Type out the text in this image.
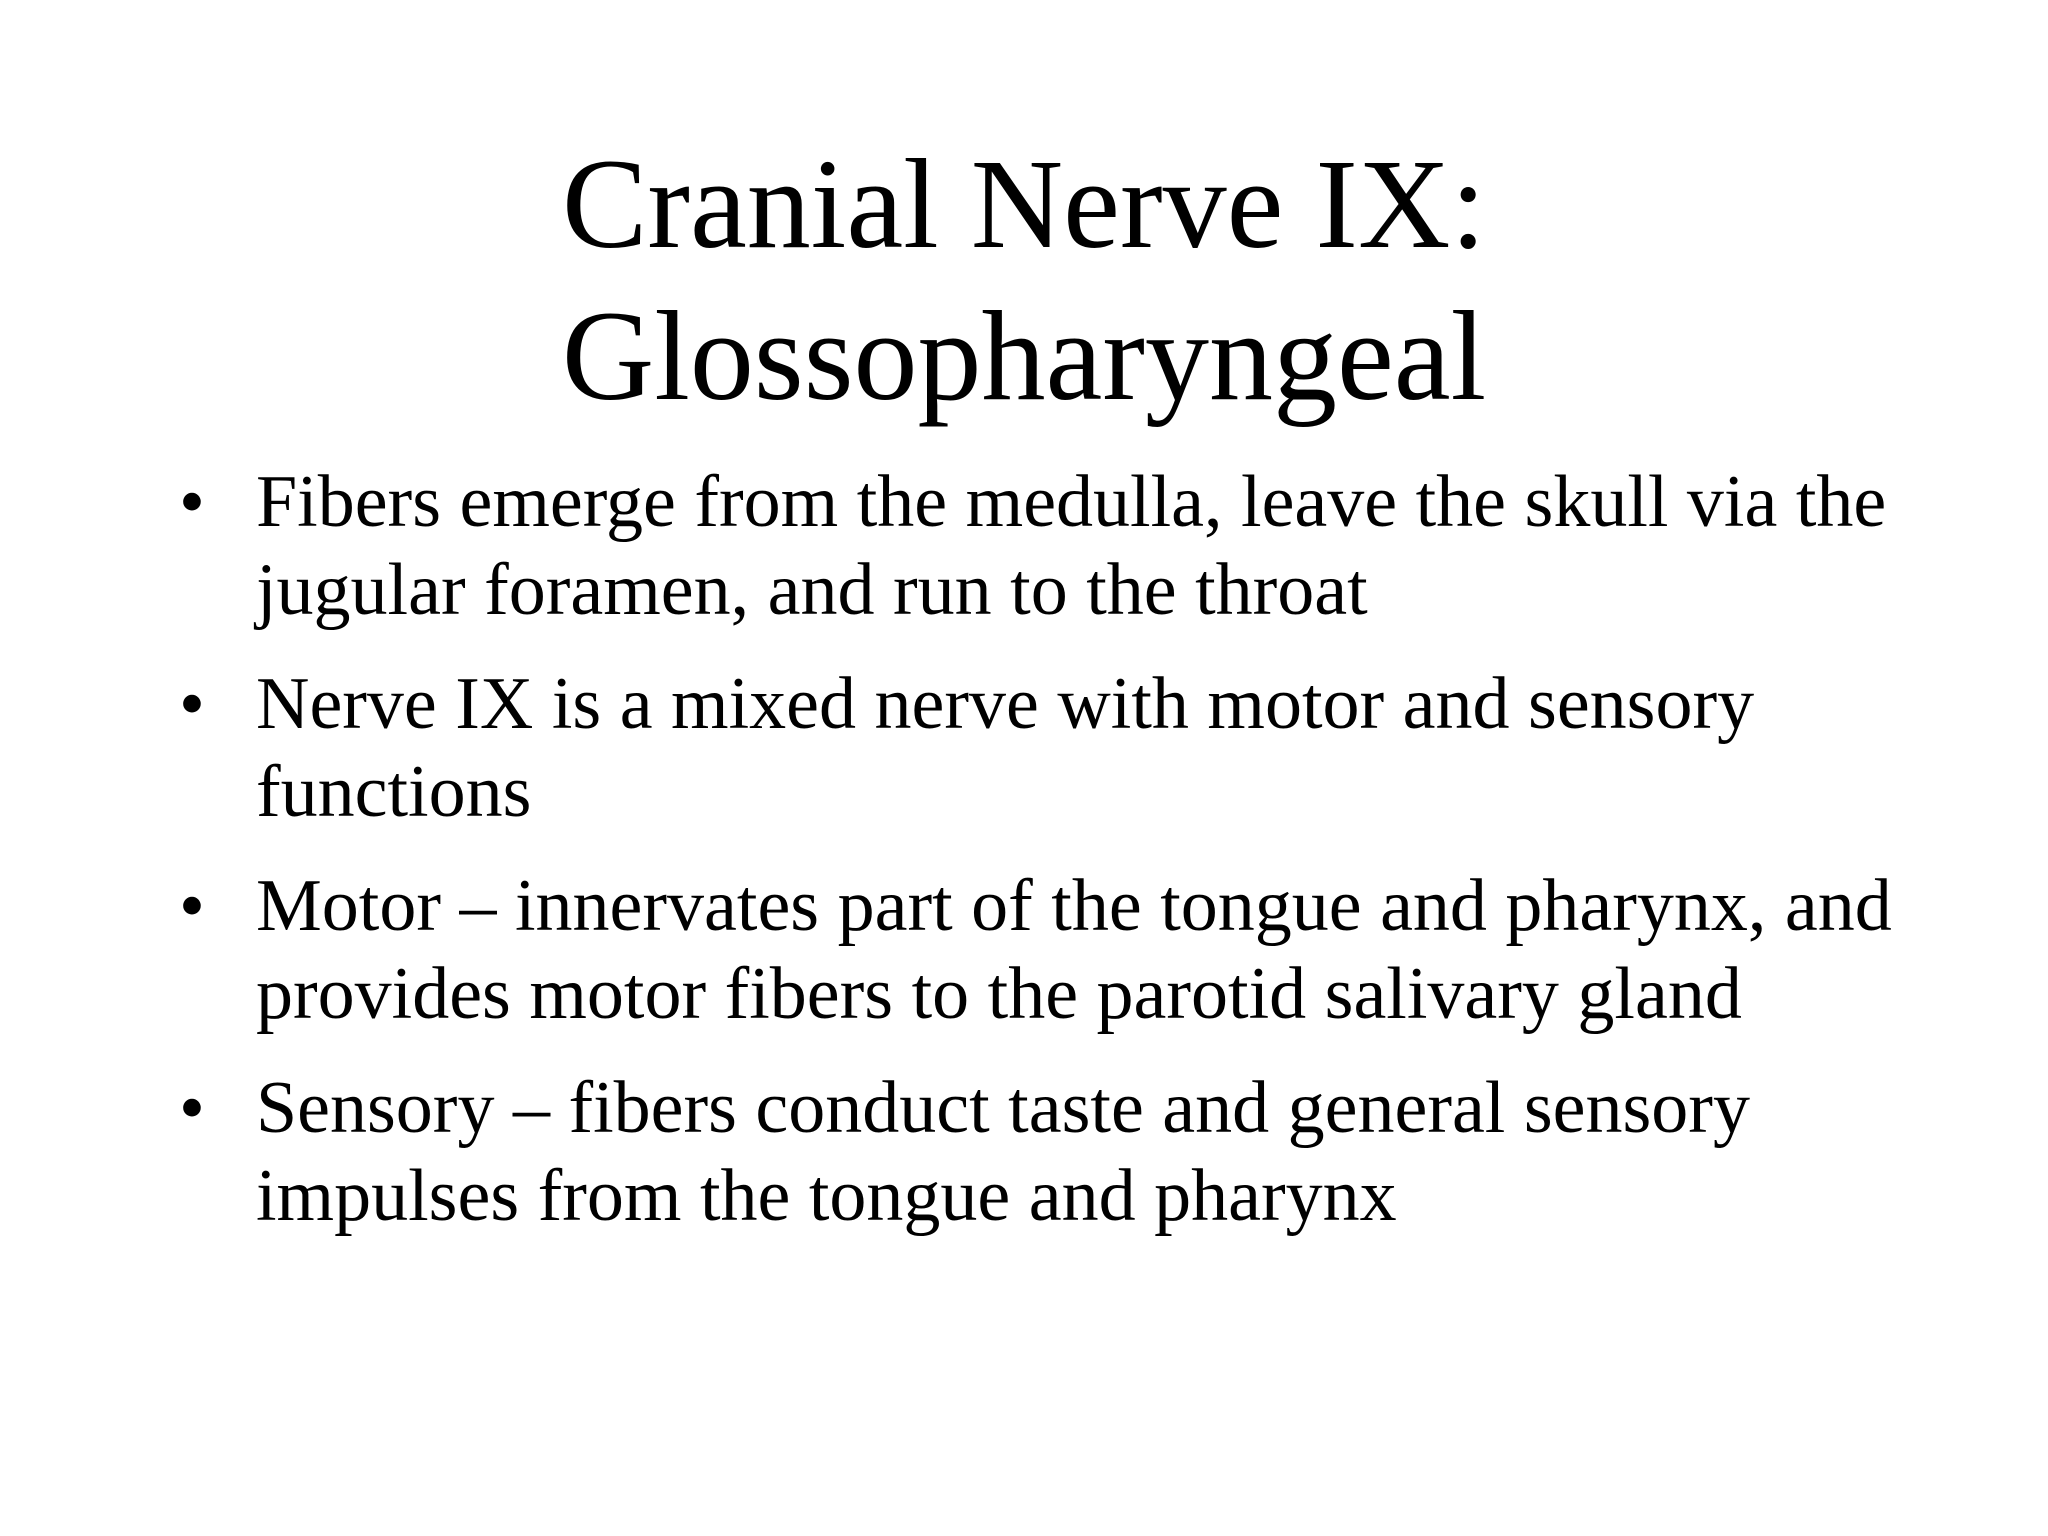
Cranial Nerve IX:
Glossopharyngeal
• Fibers emerge from the medulla, leave the skull via the jugular foramen, and run to the throat
• Nerve IX is a mixed nerve with motor and sensory functions
• Motor – innervates part of the tongue and pharynx, and provides motor fibers to the parotid salivary gland
• Sensory – fibers conduct taste and general sensory impulses from the tongue and pharynx
